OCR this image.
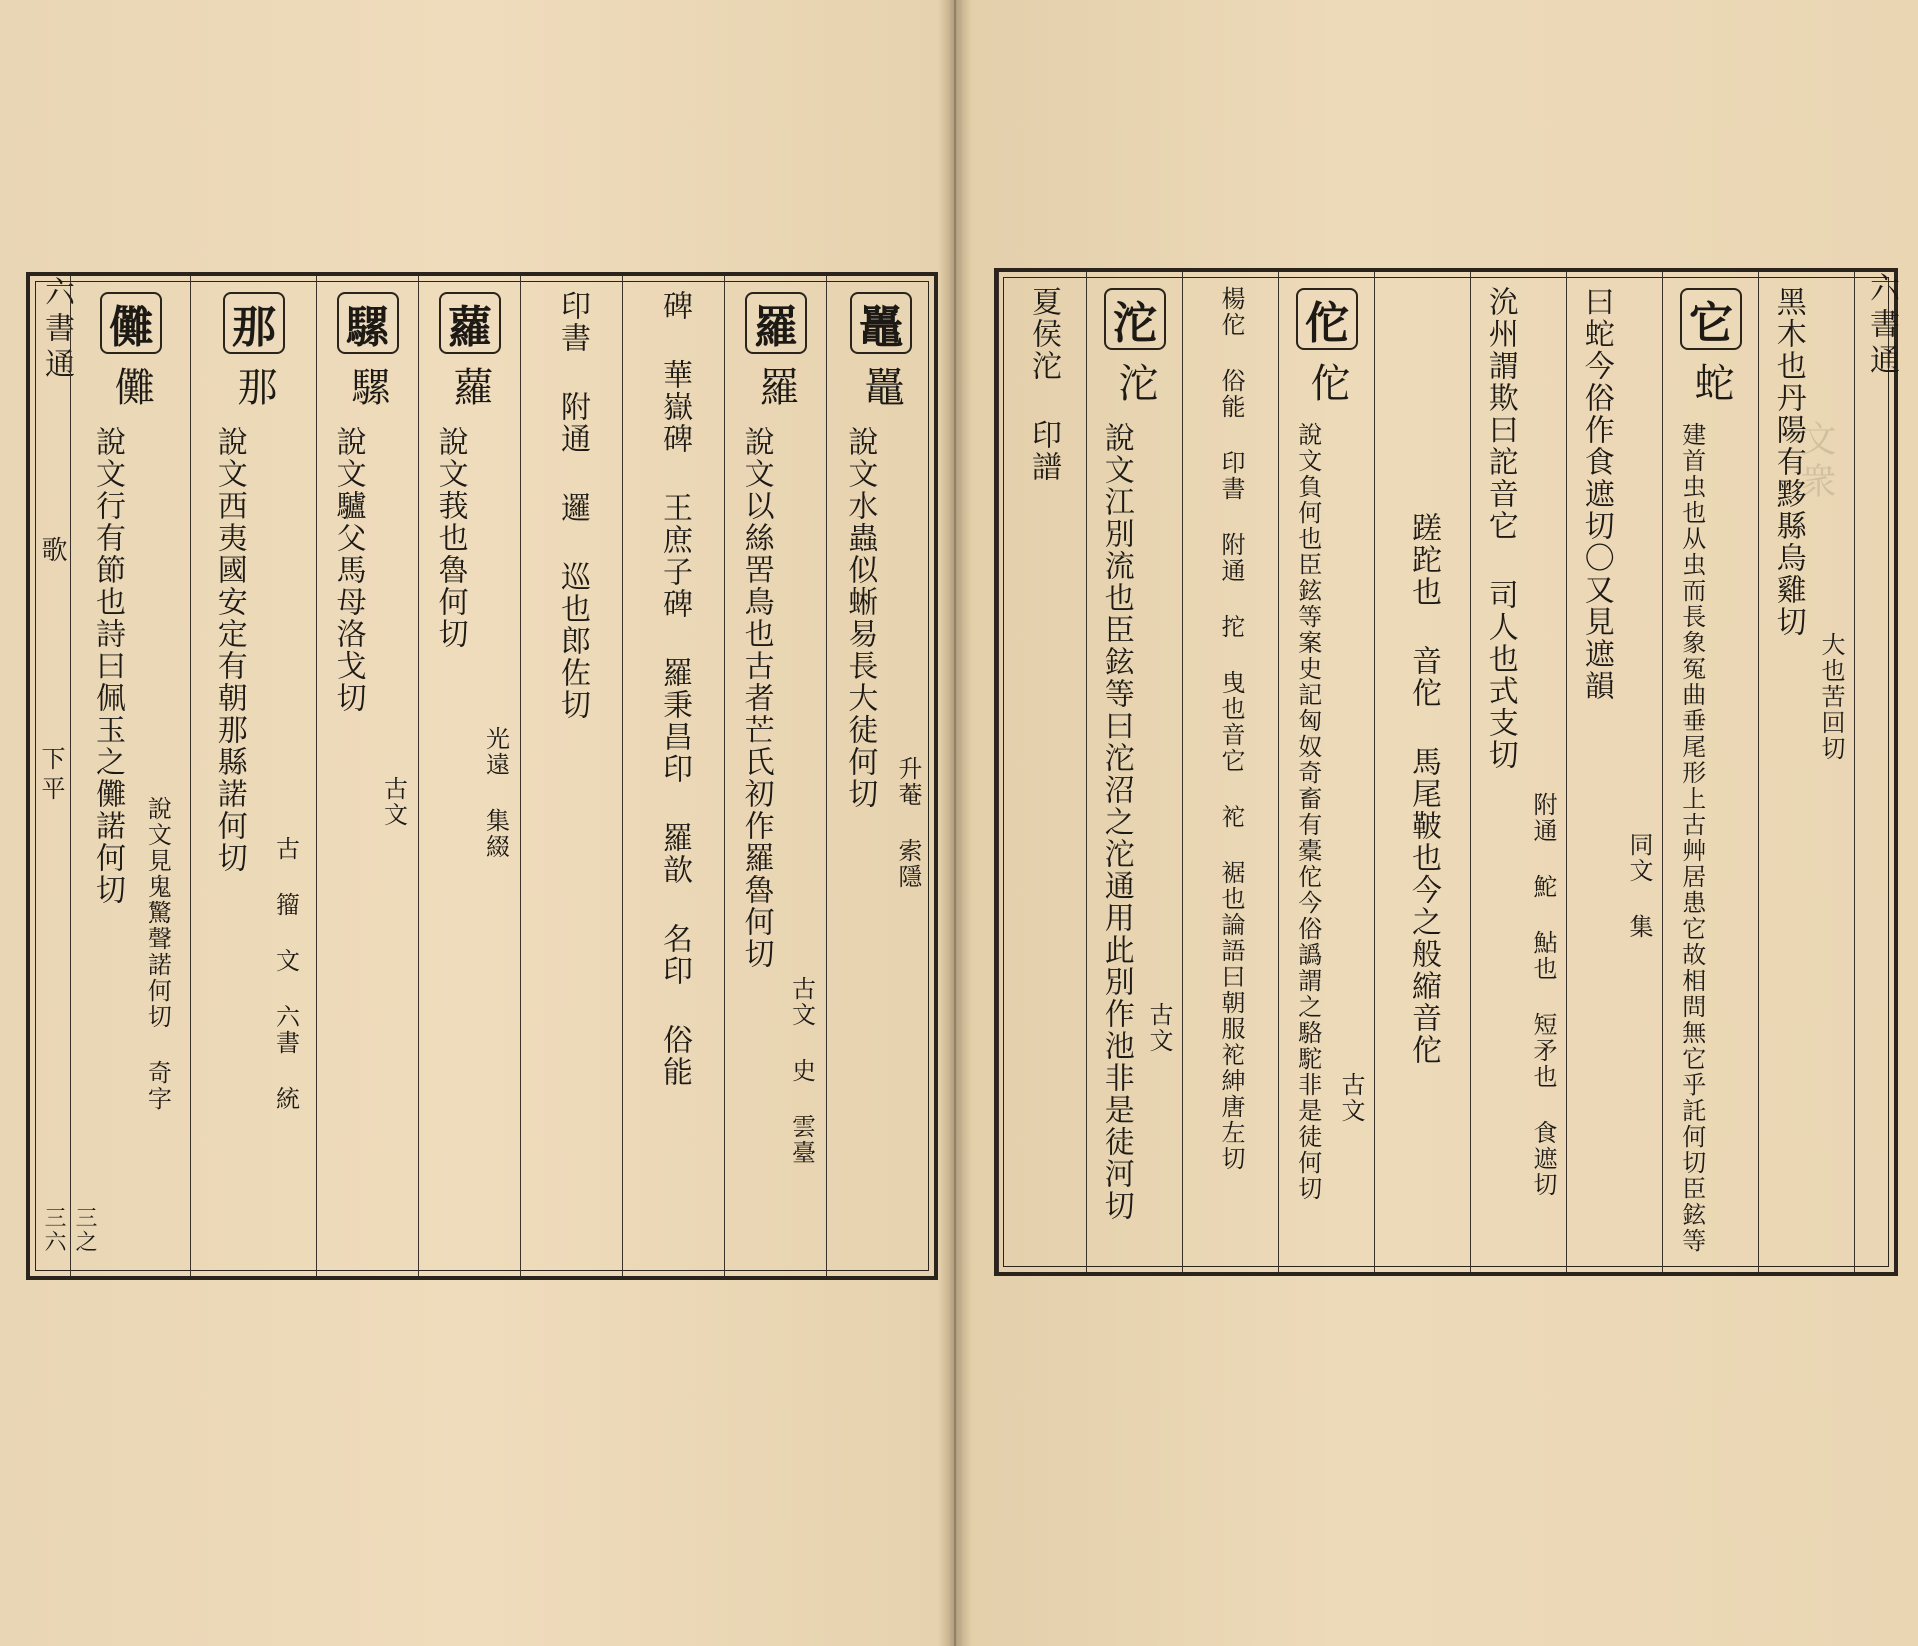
文衆
六書通
歌
下平
三之三六
鼉
鼉
說文水蟲似蜥易長大徒何切
升菴 索隱
羅
羅
說文以絲罟鳥也古者芒氏初作羅魯何切
古文 史 雲臺
碑 華嶽碑 王庶子碑 羅秉昌印 羅歆 名印 俗能
印書 附通 邏 巡也郎佐切
蘿
蘿
說文莪也魯何切
光遠 集綴
騾
騾
說文驢父馬母洛戈切
古文
那
那
說文西夷國安定有朝那縣諾何切
古 籀 文 六書 統
儺
儺
說文行有節也詩曰佩玉之儺諾何切
說文見鬼驚聲諾何切 奇字
六書通
黑木也丹陽有黟縣烏雞切
大也苦回切
它
蛇
建首虫也从虫而長象冤曲垂尾形上古艸居患它故相問無它乎託何切臣鉉等
曰蛇今俗作食遮切〇又見遮韻
同文 集
沇州謂欺曰詑音它 司人也式支切
附通 鮀 鮎也 短矛也 食遮切
蹉跎也 音佗 馬尾鞁也今之般縮音佗
佗
佗
說文負何也臣鉉等案史記匈奴奇畜有橐佗今俗譌謂之駱駝非是徒何切 古文
楊佗 俗能 印書 附通 拕 曳也音它 袉 裾也論語曰朝服袉紳唐左切
沱
沱
說文江別流也臣鉉等曰沱沼之沱通用此別作池非是徒河切 古文
夏侯沱 印譜
